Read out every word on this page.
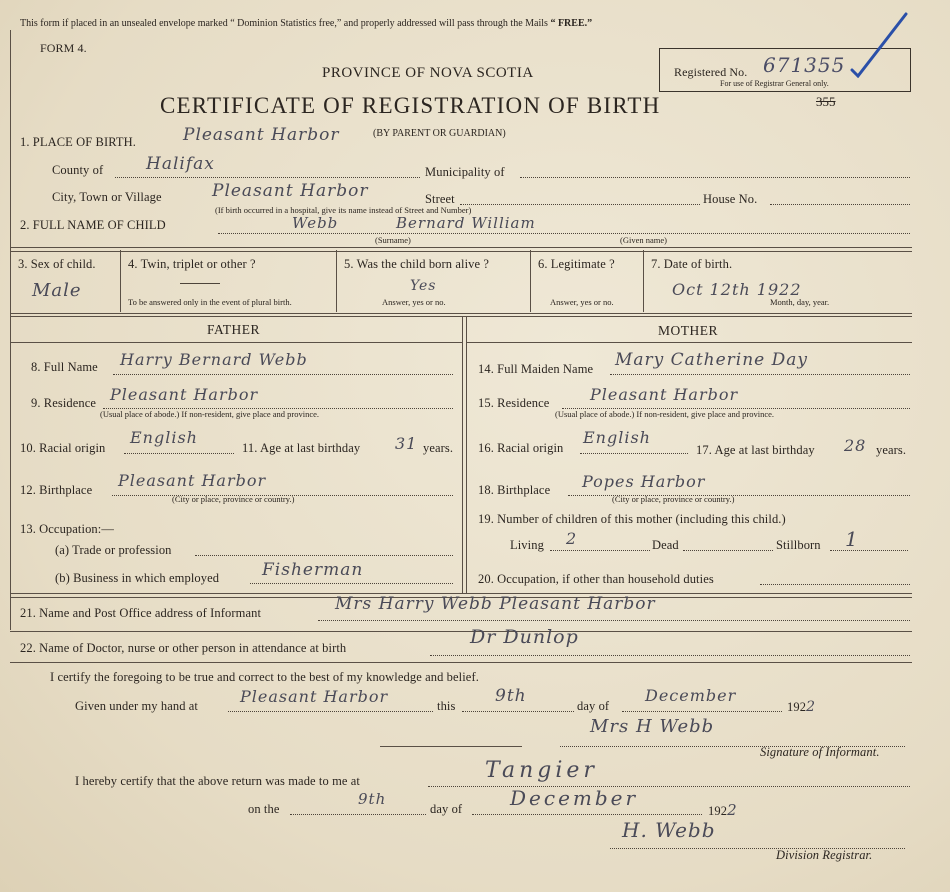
This form if placed in an unsealed envelope marked “ Dominion Statistics free,” and properly addressed will pass through the Mails “ FREE.”
FORM 4.
PROVINCE OF NOVA SCOTIA
CERTIFICATE OF REGISTRATION OF BIRTH
Registered No. 671355
For use of Registrar General only.
355
1. PLACE OF BIRTH.	Pleasant Harbor	(BY PARENT OR GUARDIAN)
County of	Halifax	Municipality of
City, Town or Village	Pleasant Harbor	Street	House No.
(If birth occurred in a hospital, give its name instead of Street and Number)
2. FULL NAME OF CHILD	Webb	Bernard William
(Surname)	(Given name)
3. Sex of child.
Male
4. Twin, triplet or other ?
To be answered only in the event of plural birth.
5. Was the child born alive ?
Yes
Answer, yes or no.
6. Legitimate ?
Answer, yes or no.
7. Date of birth.
Oct 12th 1922
Month, day, year.
FATHER	MOTHER
8. Full Name Harry Bernard Webb
9. Residence Pleasant Harbor
(Usual place of abode.) If non-resident, give place and province.
10. Racial origin
English
11. Age at last birthday 31 years.
12. Birthplace Pleasant Harbor
(City or place, province or country.)
13. Occupation:—
(a) Trade or profession
(b) Business in which employed	Fisherman
14. Full Maiden Name Mary Catherine Day
15. Residence	Pleasant Harbor
(Usual place of abode.) If non-resident, give place and province.
16. Racial origin
English
17. Age at last birthday 28 years.
18. Birthplace Popes Harbor
(City or place, province or country.)
19. Number of children of this mother (including this child.)
Living 2	Dead	Stillborn 1
20. Occupation, if other than household duties
21. Name and Post Office address of Informant	Mrs Harry Webb Pleasant Harbor
22. Name of Doctor, nurse or other person in attendance at birth	Dr Dunlop
I certify the foregoing to be true and correct to the best of my knowledge and belief.
Given under my hand at	Pleasant Harbor	this 9th	day of
December
1922
Mrs H Webb
Signature of Informant.
I hereby certify that the above return was made to me at	Tangier
on the
9th
day of December
1922
H. Webb
Division Registrar.
